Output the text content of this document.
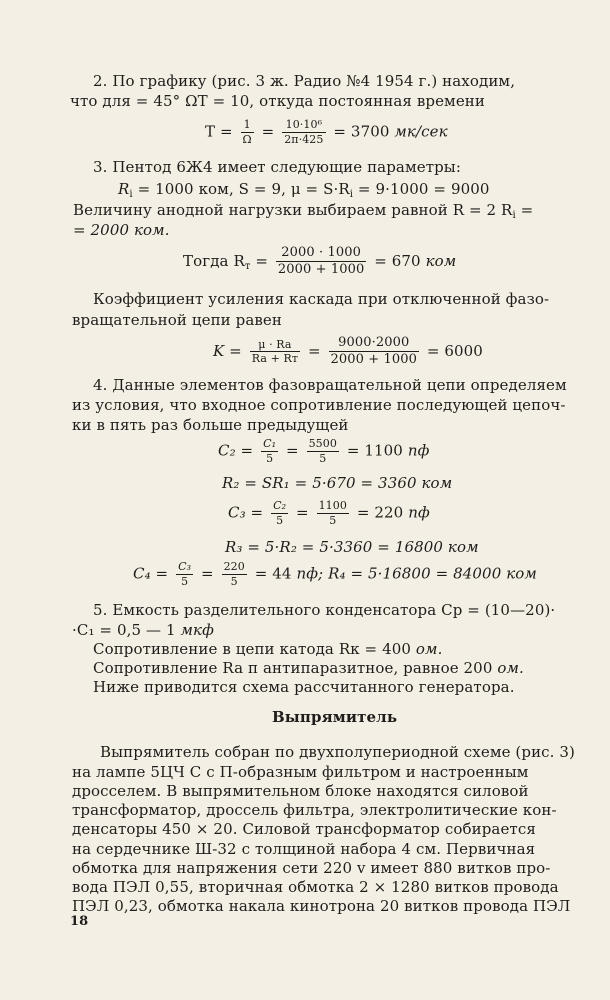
2. По графику (рис. 3 ж. Радио №4 1954 г.) находим,
что для = 45° ΩТ = 10, откуда постоянная времени
$T = \frac{1}{\Omega} = \frac{\text{10·10⁶}}{2\pi\cdot 425} = 3700$ мк/сек
3. Пентод 6Ж4 имеет следующие параметры:
$R_i = 1000$ ком, S = 9, $\mu = S\cdot R_i = 9\cdot 1000 = 9000$
Величину анодной нагрузки выбираем равной R = 2 $R_i$ =
= 2000 ком.
Тогда $R_т = \frac{2000 \cdot 1000}{2000 + 1000} = 670$ ком
Коэффициент усиления каскада при отключенной фазо-
вращательной цепи равен
$K = \frac{\mu \cdot Ra}{Ra + Rт} = \frac{9000\cdot 2000}{2000 + 1000} = 6000$
4. Данные элементов фазовращательной цепи определяем
из условия, что входное сопротивление последующей цепоч-
ки в пять раз больше предыдущей
$C_2 = \frac{\text{C₁}}{5} = \frac{5500}{5} = 1100$ пф
R₂ = SR₁ = 5·670 = 3360 ком
$C_3 = \frac{\text{C₂}}{5} = \frac{1100}{5} = 220$ пф
R₃ = 5·R₂ = 5·3360 = 16800 ком
$C_4 = \frac{\text{C₃}}{5} = \frac{220}{5} = 44$ пф; R₄ = 5·16800 = 84000 ком
5. Емкость разделительного конденсатора Cр = (10—20)·
·C₁ = 0,5 — 1 мкф
Сопротивление в цепи катода Rк = 400 ом.
Сопротивление Ra п антипаразитное, равное 200 ом.
Ниже приводится схема рассчитанного генератора.
Выпрямитель
Выпрямитель собран по двухполупериодной схеме (рис. 3)
на лампе 5ЦЧ С с П-образным фильтром и настроенным
дросселем. В выпрямительном блоке находятся силовой
трансформатор, дроссель фильтра, электролитические кон-
денсаторы 450 × 20. Силовой трансформатор собирается
на сердечнике Ш-32 с толщиной набора 4 см. Первичная
обмотка для напряжения сети 220 v имеет 880 витков про-
вода ПЭЛ 0,55, вторичная обмотка 2 × 1280 витков провода
ПЭЛ 0,23, обмотка накала кинотрона 20 витков провода ПЭЛ
18
